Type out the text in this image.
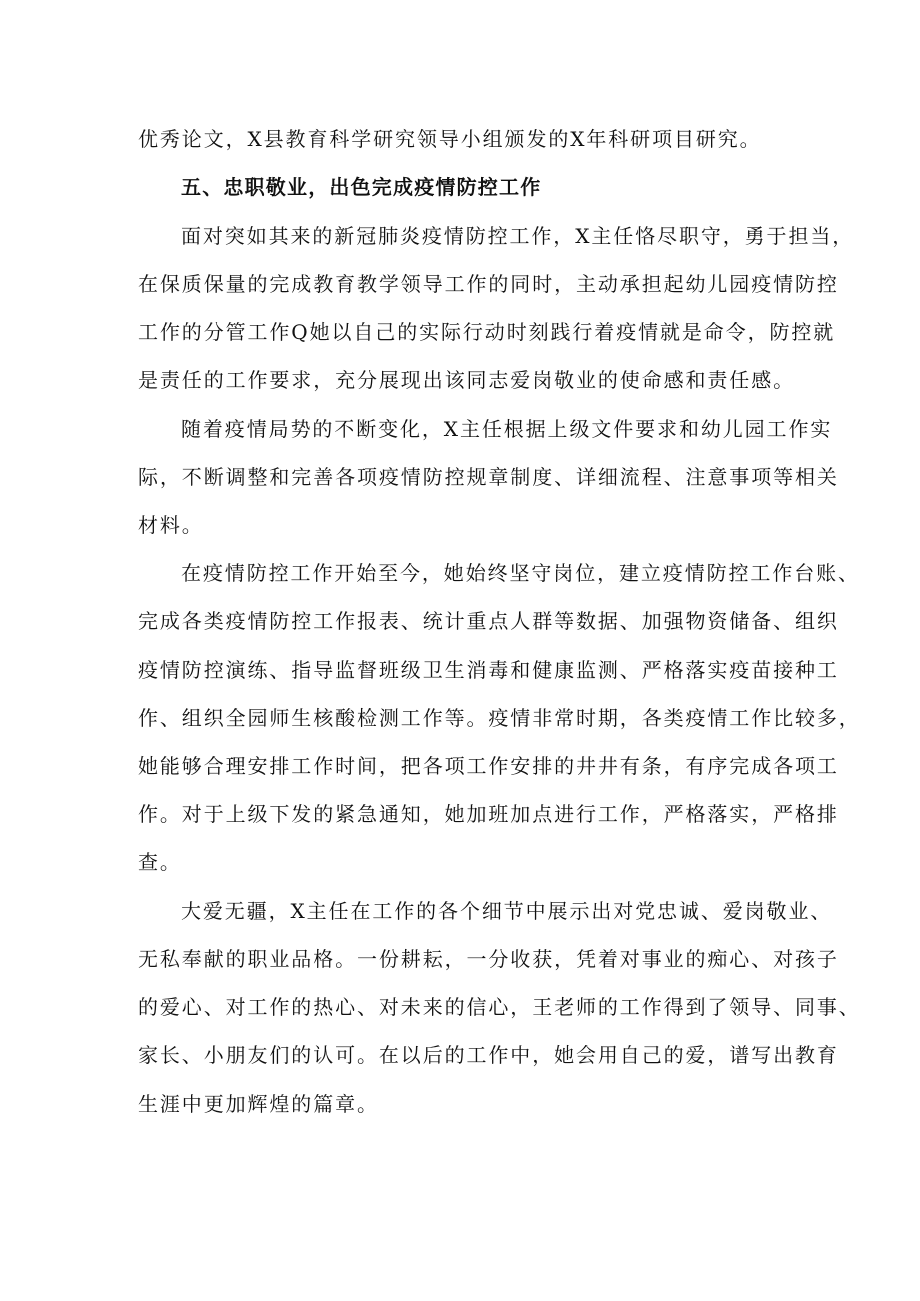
优秀论文，X县教育科学研究领导小组颁发的X年科研项目研究。
五、忠职敬业，出色完成疫情防控工作
面对突如其来的新冠肺炎疫情防控工作，X主任恪尽职守，勇于担当，
在保质保量的完成教育教学领导工作的同时，主动承担起幼儿园疫情防控
工作的分管工作Q她以自己的实际行动时刻践行着疫情就是命令，防控就
是责任的工作要求，充分展现出该同志爱岗敬业的使命感和责任感。
随着疫情局势的不断变化，X主任根据上级文件要求和幼儿园工作实
际，不断调整和完善各项疫情防控规章制度、详细流程、注意事项等相关
材料。
在疫情防控工作开始至今，她始终坚守岗位，建立疫情防控工作台账、
完成各类疫情防控工作报表、统计重点人群等数据、加强物资储备、组织
疫情防控演练、指导监督班级卫生消毒和健康监测、严格落实疫苗接种工
作、组织全园师生核酸检测工作等。疫情非常时期，各类疫情工作比较多，
她能够合理安排工作时间，把各项工作安排的井井有条，有序完成各项工
作。对于上级下发的紧急通知，她加班加点进行工作，严格落实，严格排
查。
大爱无疆，X主任在工作的各个细节中展示出对党忠诚、爱岗敬业、
无私奉献的职业品格。一份耕耘，一分收获，凭着对事业的痴心、对孩子
的爱心、对工作的热心、对未来的信心，王老师的工作得到了领导、同事、
家长、小朋友们的认可。在以后的工作中，她会用自己的爱，谱写出教育
生涯中更加辉煌的篇章。
